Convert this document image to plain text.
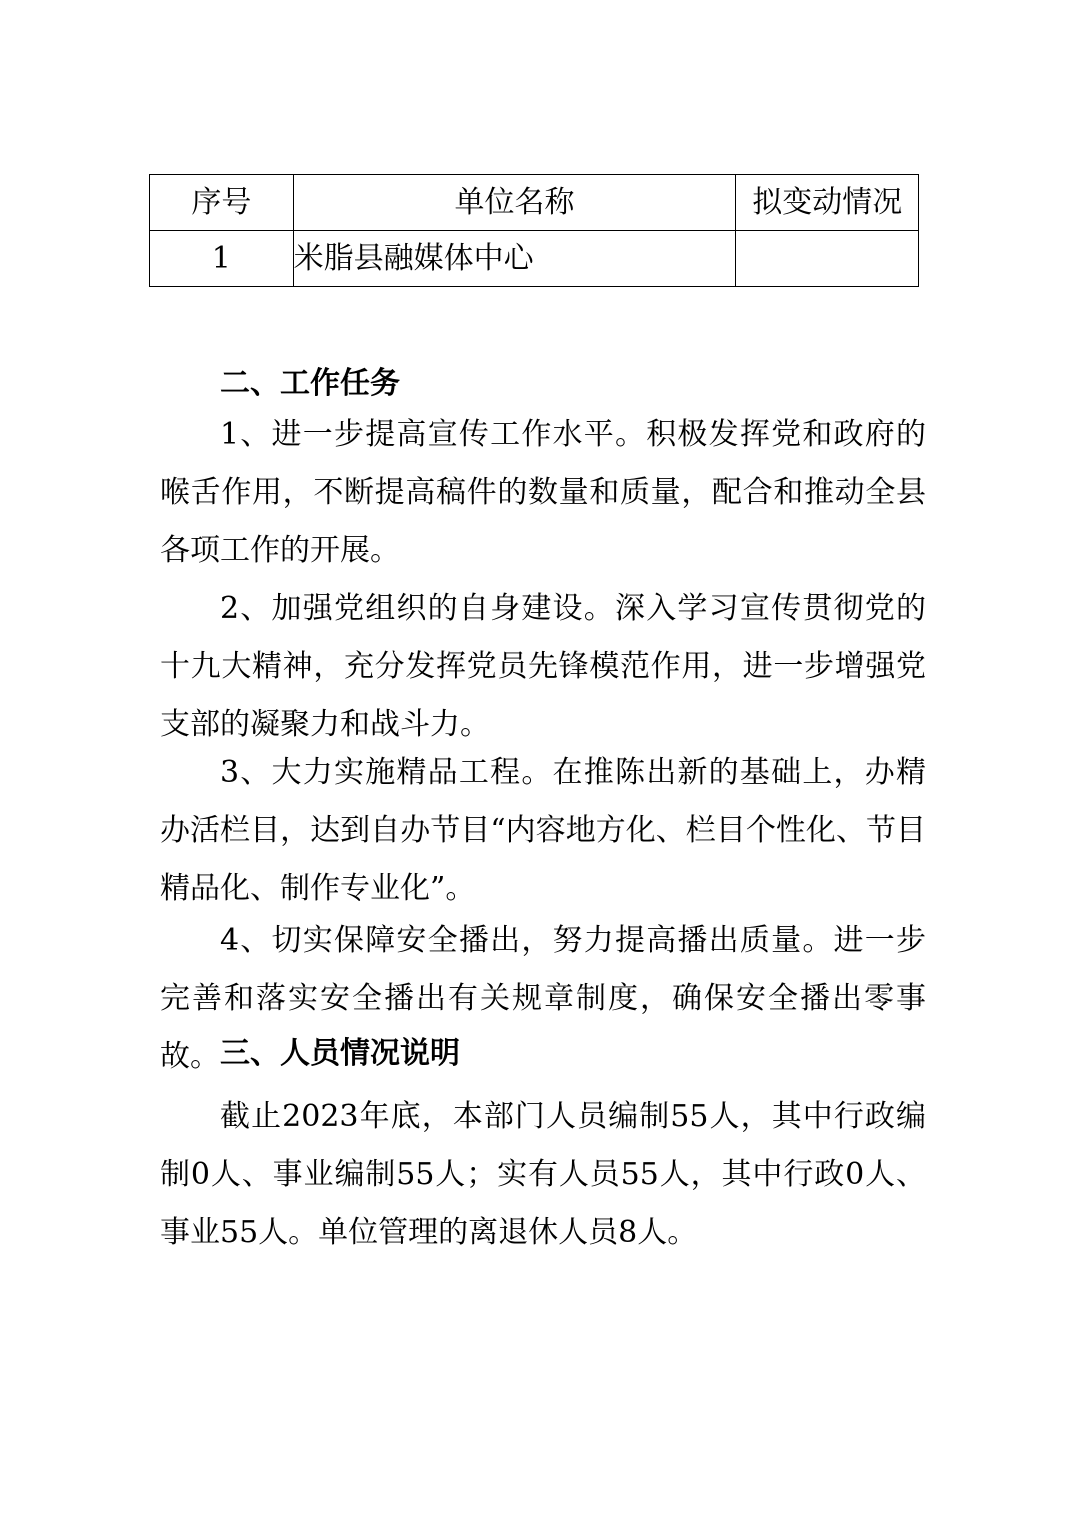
序号	单位名称	拟变动情况
1	米脂县融媒体中心	
二、工作任务

1、进一步提高宣传工作水平。积极发挥党和政府的喉舌作用，不断提高稿件的数量和质量，配合和推动全县各项工作的开展。

2、加强党组织的自身建设。深入学习宣传贯彻党的十九大精神，充分发挥党员先锋模范作用，进一步增强党支部的凝聚力和战斗力。

3、大力实施精品工程。在推陈出新的基础上，办精办活栏目，达到自办节目“内容地方化、栏目个性化、节目精品化、制作专业化”。

4、切实保障安全播出，努力提高播出质量。进一步完善和落实安全播出有关规章制度，确保安全播出零事故。 三、人员情况说明

截止2023年底，本部门人员编制55人，其中行政编制0人、事业编制55人；实有人员55人，其中行政0人、事业55人。单位管理的离退休人员8人。
